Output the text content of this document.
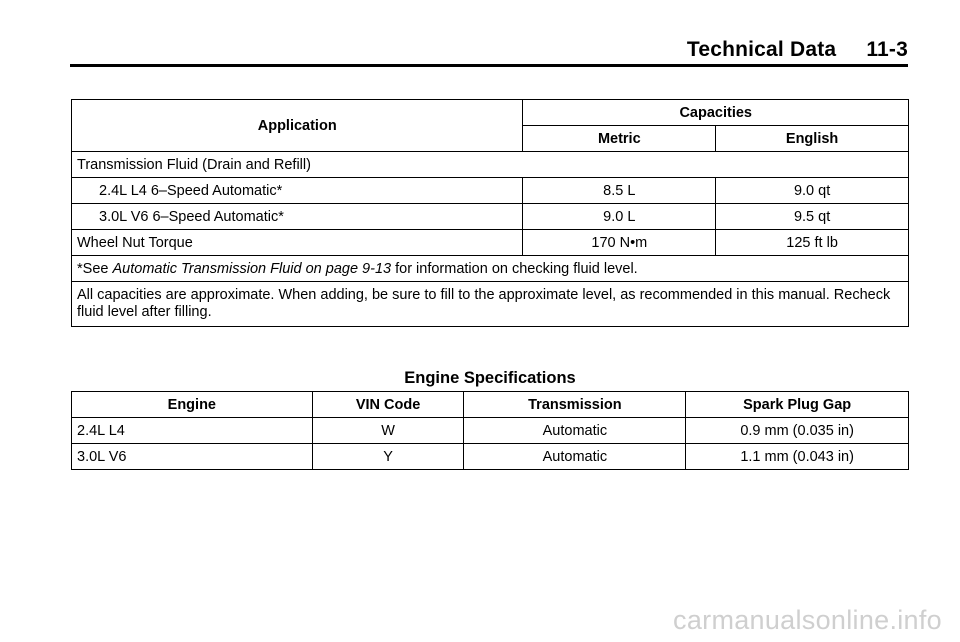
Technical Data 11-3
Application	Capacities	
	Metric	English
Transmission Fluid (Drain and Refill)		
2.4L L4 6–Speed Automatic*	8.5 L	9.0 qt
3.0L V6 6–Speed Automatic*	9.0 L	9.5 qt
Wheel Nut Torque	170 N•m	125 ft lb
*See Automatic Transmission Fluid on page 9‑13 for information on checking fluid level.		
All capacities are approximate. When adding, be sure to fill to the approximate level, as recommended in this manual. Recheck fluid level after filling.		
Engine Specifications
Engine	VIN Code	Transmission	Spark Plug Gap
2.4L L4	W	Automatic	0.9 mm (0.035 in)
3.0L V6	Y	Automatic	1.1 mm (0.043 in)
carmanualsonline.info
